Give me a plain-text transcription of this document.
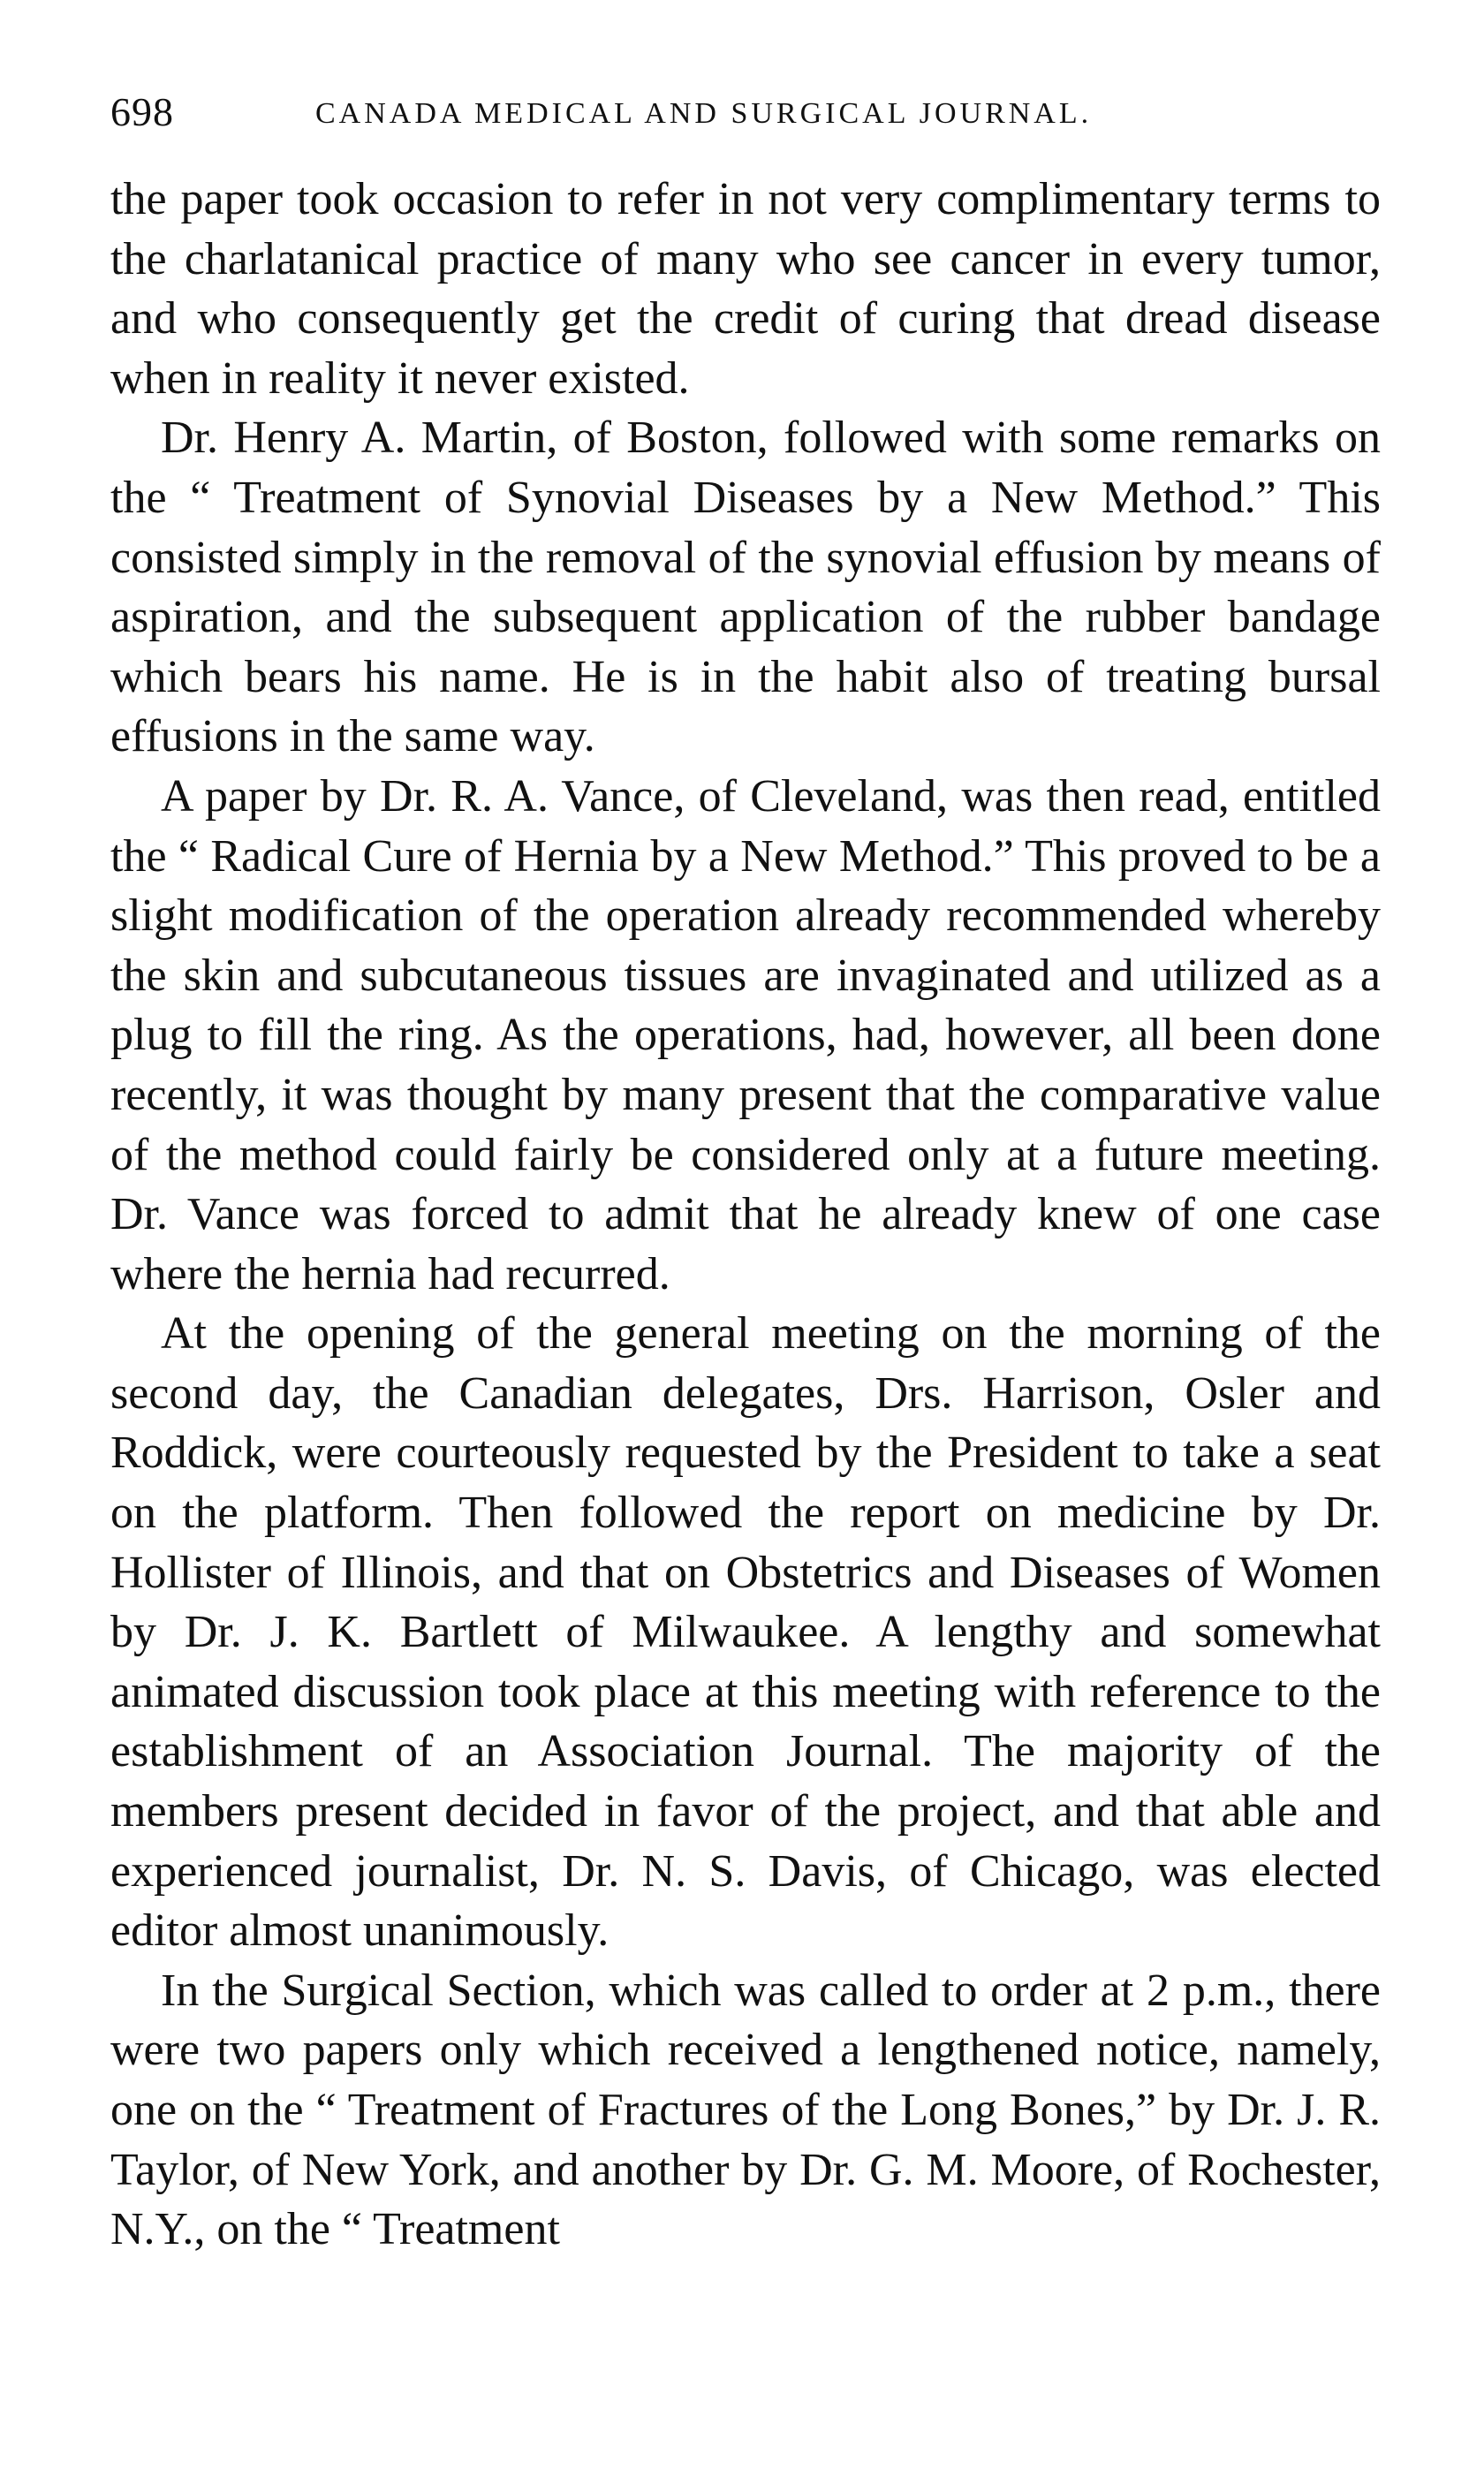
698	CANADA MEDICAL AND SURGICAL JOURNAL.

the paper took occasion to refer in not very complimentary terms to the charlatanical practice of many who see cancer in every tumor, and who consequently get the credit of curing that dread disease when in reality it never existed.

Dr. Henry A. Martin, of Boston, followed with some remarks on the “ Treatment of Synovial Diseases by a New Method.” This consisted simply in the removal of the synovial effusion by means of aspiration, and the subsequent application of the rubber bandage which bears his name. He is in the habit also of treating bursal effusions in the same way.

A paper by Dr. R. A. Vance, of Cleveland, was then read, entitled the “ Radical Cure of Hernia by a New Method.” This proved to be a slight modification of the operation already recommended whereby the skin and subcutaneous tissues are invaginated and utilized as a plug to fill the ring. As the operations, had, however, all been done recently, it was thought by many present that the comparative value of the method could fairly be considered only at a future meeting. Dr. Vance was forced to admit that he already knew of one case where the hernia had recurred.

At the opening of the general meeting on the morning of the second day, the Canadian delegates, Drs. Harrison, Osler and Roddick, were courteously requested by the President to take a seat on the platform. Then followed the report on medicine by Dr. Hollister of Illinois, and that on Obstetrics and Diseases of Women by Dr. J. K. Bartlett of Milwaukee. A lengthy and somewhat animated discussion took place at this meeting with reference to the establishment of an Association Journal. The majority of the members present decided in favor of the project, and that able and experienced journalist, Dr. N. S. Davis, of Chicago, was elected editor almost unanimously.

In the Surgical Section, which was called to order at 2 p.m., there were two papers only which received a lengthened notice, namely, one on the “ Treatment of Fractures of the Long Bones,” by Dr. J. R. Taylor, of New York, and another by Dr. G. M. Moore, of Rochester, N.Y., on the “ Treatment
